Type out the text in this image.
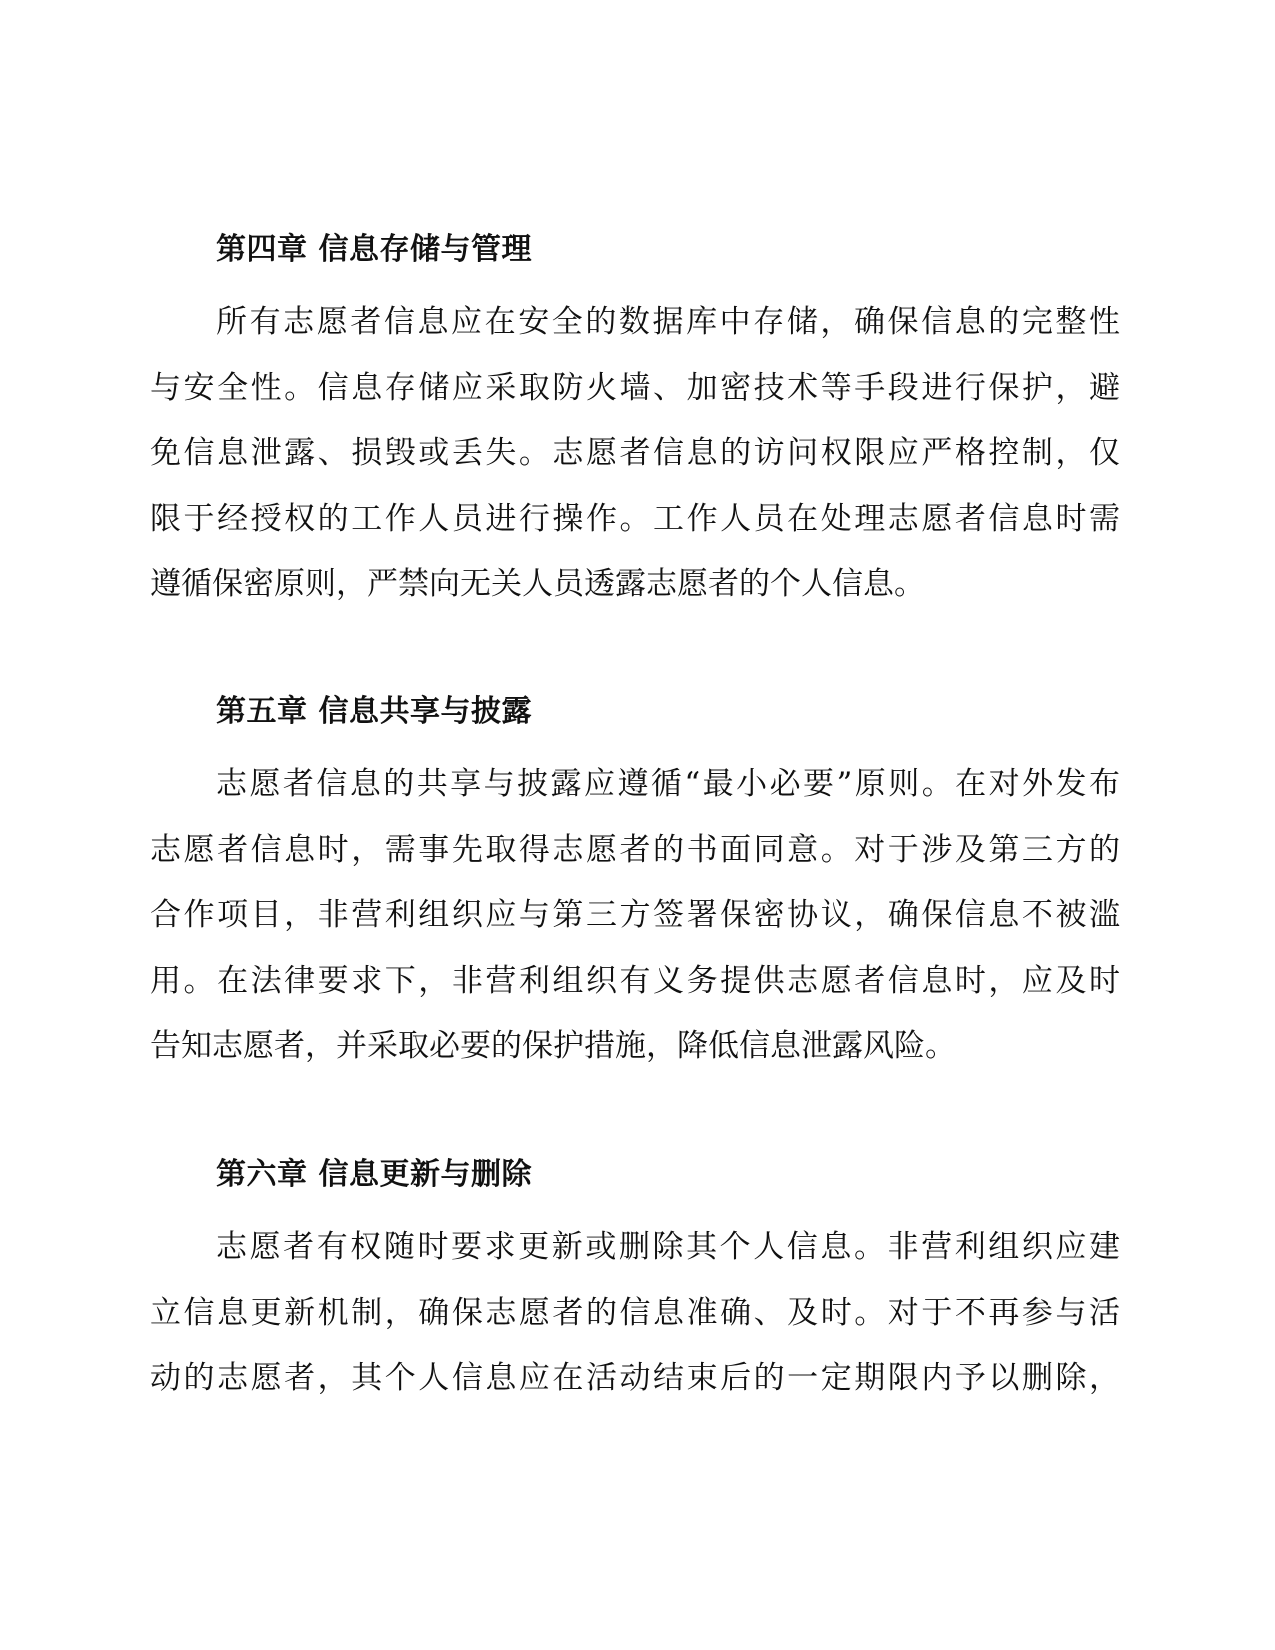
第四章 信息存储与管理

所有志愿者信息应在安全的数据库中存储，确保信息的完整性
与安全性。信息存储应采取防火墙、加密技术等手段进行保护，避
免信息泄露、损毁或丢失。志愿者信息的访问权限应严格控制，仅
限于经授权的工作人员进行操作。工作人员在处理志愿者信息时需
遵循保密原则，严禁向无关人员透露志愿者的个人信息。

第五章 信息共享与披露

志愿者信息的共享与披露应遵循“最小必要”原则。在对外发布
志愿者信息时，需事先取得志愿者的书面同意。对于涉及第三方的
合作项目，非营利组织应与第三方签署保密协议，确保信息不被滥
用。在法律要求下，非营利组织有义务提供志愿者信息时，应及时
告知志愿者，并采取必要的保护措施，降低信息泄露风险。

第六章 信息更新与删除

志愿者有权随时要求更新或删除其个人信息。非营利组织应建
立信息更新机制，确保志愿者的信息准确、及时。对于不再参与活
动的志愿者，其个人信息应在活动结束后的一定期限内予以删除，
